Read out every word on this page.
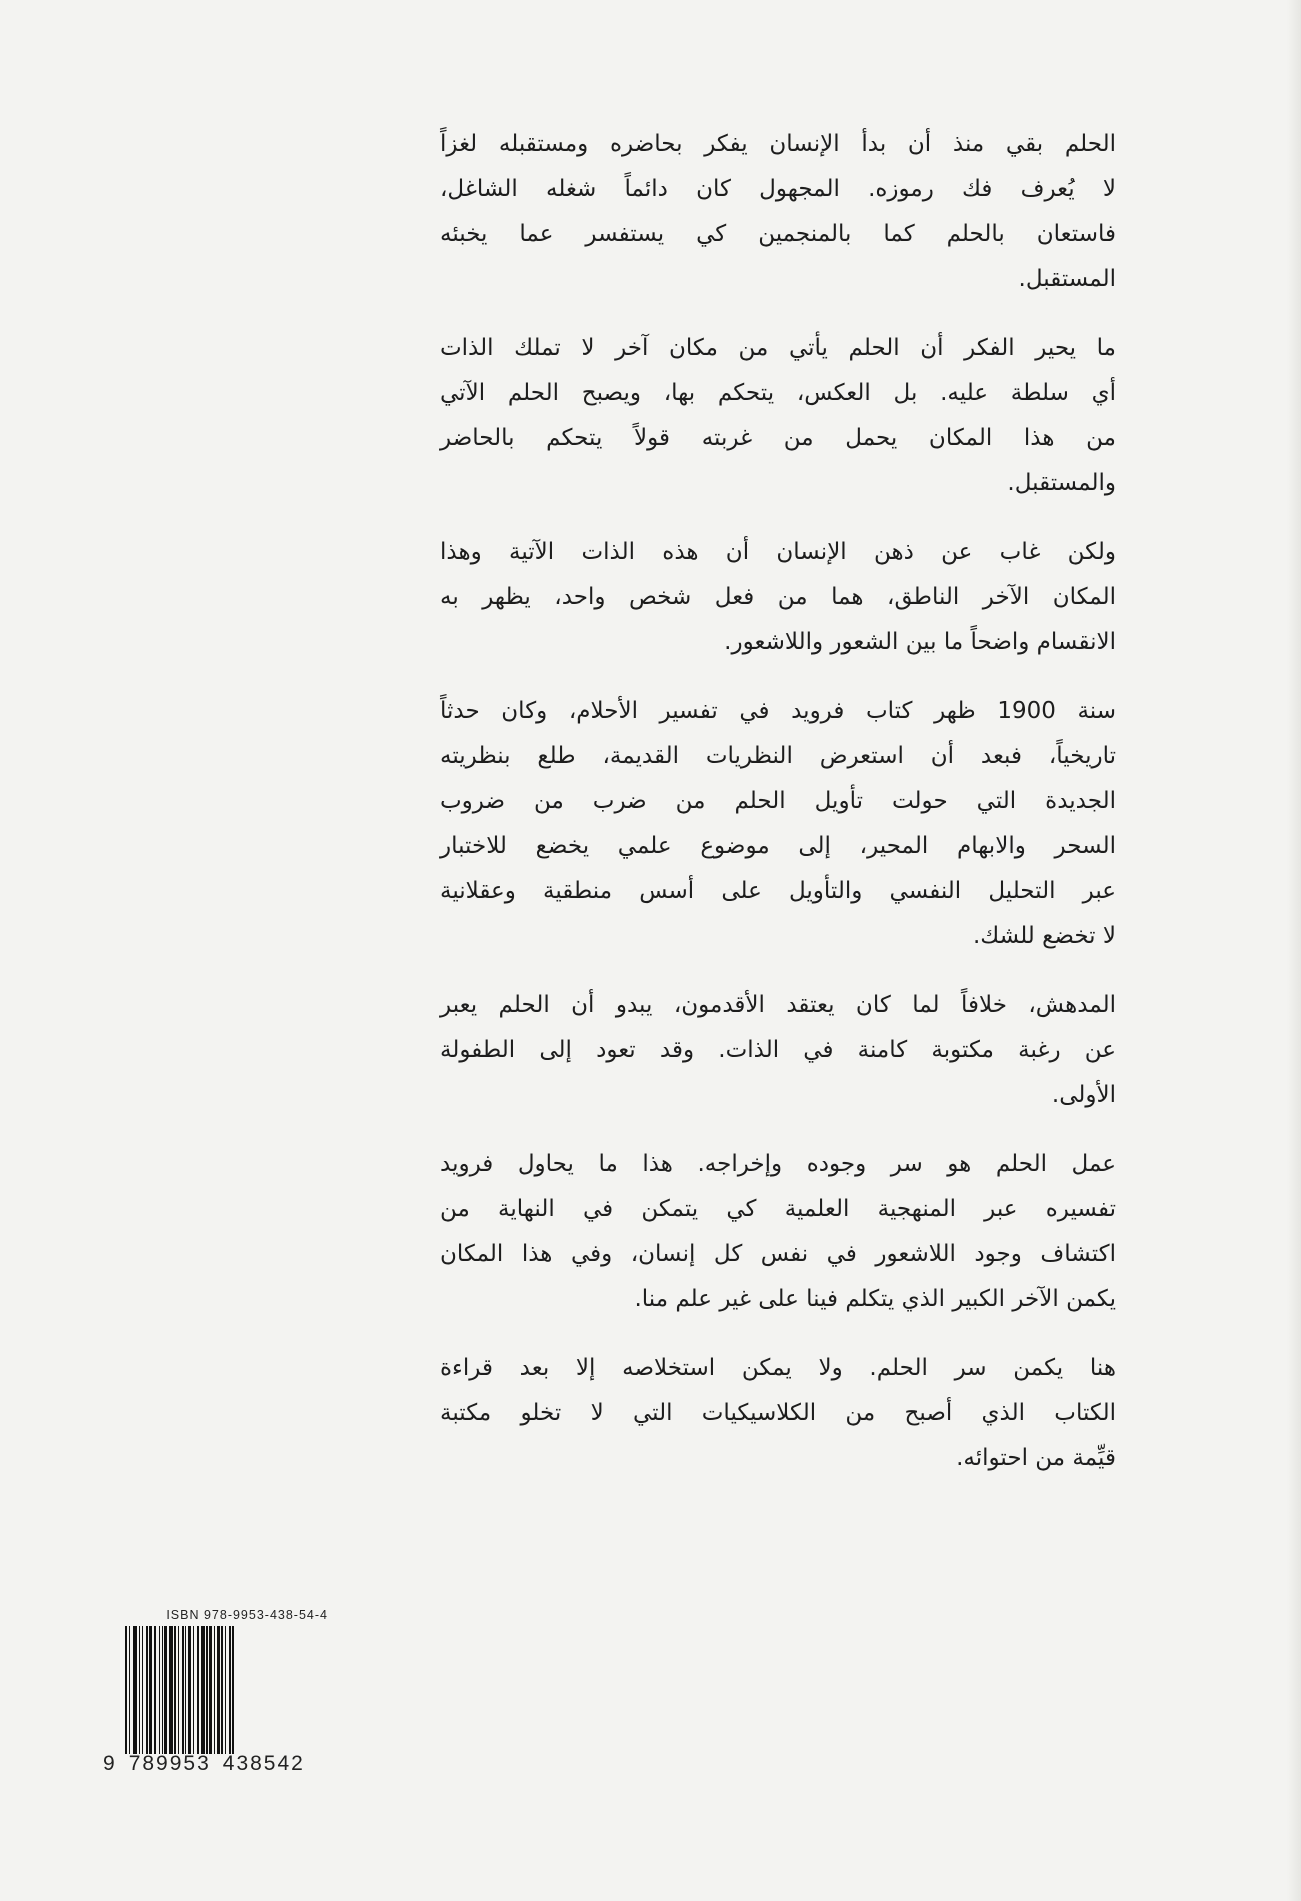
الحلم بقي منذ أن بدأ الإنسان يفكر بحاضره ومستقبله لغزاً
لا يُعرف فك رموزه. المجهول كان دائماً شغله الشاغل،
فاستعان بالحلم كما بالمنجمين كي يستفسر عما يخبئه
المستقبل.
ما يحير الفكر أن الحلم يأتي من مكان آخر لا تملك الذات
أي سلطة عليه. بل العكس، يتحكم بها، ويصبح الحلم الآتي
من هذا المكان يحمل من غربته قولاً يتحكم بالحاضر
والمستقبل.
ولكن غاب عن ذهن الإنسان أن هذه الذات الآتية وهذا
المكان الآخر الناطق، هما من فعل شخص واحد، يظهر به
الانقسام واضحاً ما بين الشعور واللاشعور.
سنة 1900 ظهر كتاب فرويد في تفسير الأحلام، وكان حدثاً
تاريخياً، فبعد أن استعرض النظريات القديمة، طلع بنظريته
الجديدة التي حولت تأويل الحلم من ضرب من ضروب
السحر والابهام المحير، إلى موضوع علمي يخضع للاختبار
عبر التحليل النفسي والتأويل على أسس منطقية وعقلانية
لا تخضع للشك.
المدهش، خلافاً لما كان يعتقد الأقدمون، يبدو أن الحلم يعبر
عن رغبة مكتوبة كامنة في الذات. وقد تعود إلى الطفولة
الأولى.
عمل الحلم هو سر وجوده وإخراجه. هذا ما يحاول فرويد
تفسيره عبر المنهجية العلمية كي يتمكن في النهاية من
اكتشاف وجود اللاشعور في نفس كل إنسان، وفي هذا المكان
يكمن الآخر الكبير الذي يتكلم فينا على غير علم منا.
هنا يكمن سر الحلم. ولا يمكن استخلاصه إلا بعد قراءة
الكتاب الذي أصبح من الكلاسيكيات التي لا تخلو مكتبة
قيِّمة من احتوائه.
ISBN 978-9953-438-54-4
9 789953 438542
